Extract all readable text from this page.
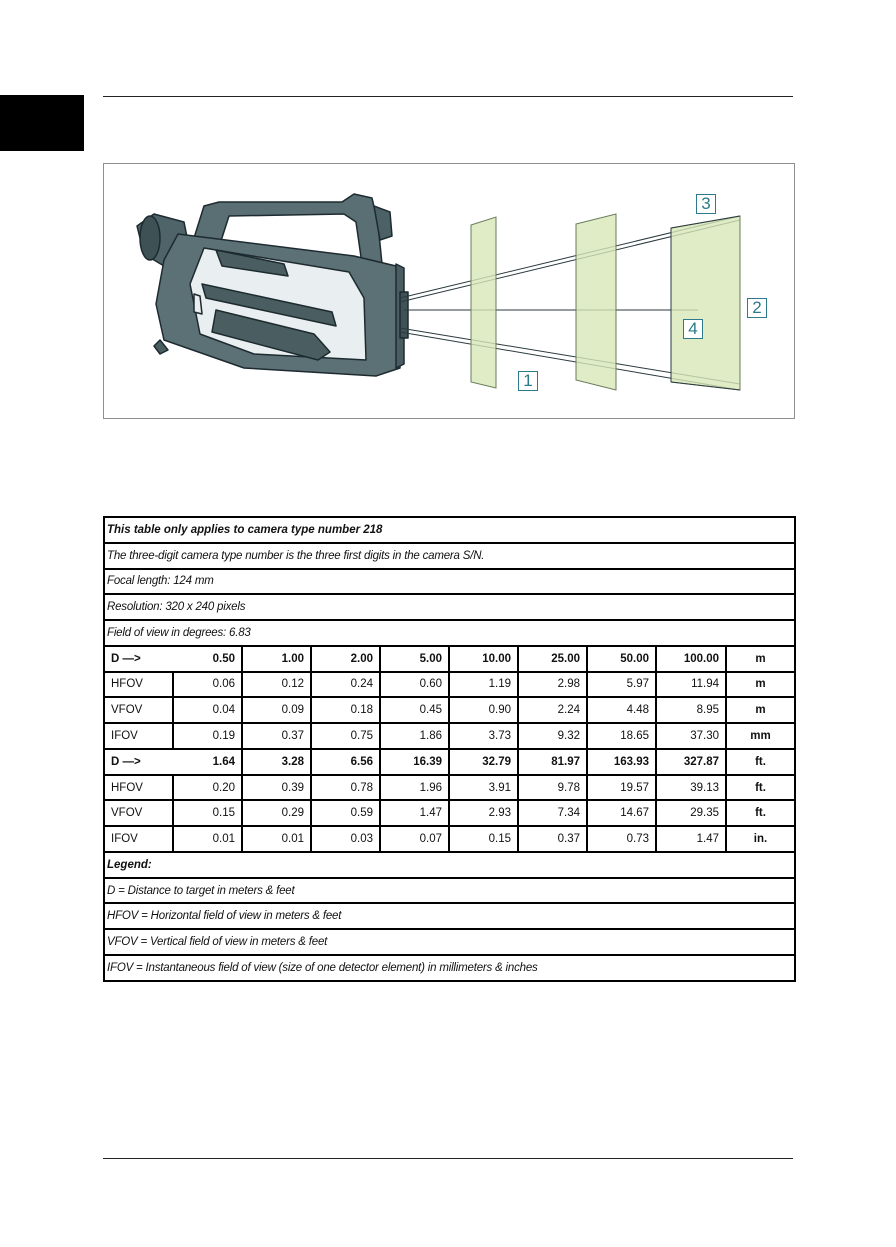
1
2
3
4
This table only applies to camera type number 218									
The three-digit camera type number is the three first digits in the camera S/N.									
Focal length: 124 mm									
Resolution: 320 x 240 pixels									
Field of view in degrees: 6.83									
D —>	0.50	1.00	2.00	5.00	10.00	25.00	50.00	100.00	m
HFOV	0.06	0.12	0.24	0.60	1.19	2.98	5.97	11.94	m
VFOV	0.04	0.09	0.18	0.45	0.90	2.24	4.48	8.95	m
IFOV	0.19	0.37	0.75	1.86	3.73	9.32	18.65	37.30	mm
D —>	1.64	3.28	6.56	16.39	32.79	81.97	163.93	327.87	ft.
HFOV	0.20	0.39	0.78	1.96	3.91	9.78	19.57	39.13	ft.
VFOV	0.15	0.29	0.59	1.47	2.93	7.34	14.67	29.35	ft.
IFOV	0.01	0.01	0.03	0.07	0.15	0.37	0.73	1.47	in.
Legend:									
D = Distance to target in meters & feet									
HFOV = Horizontal field of view in meters & feet									
VFOV = Vertical field of view in meters & feet									
IFOV = Instantaneous field of view (size of one detector element) in millimeters & inches									
